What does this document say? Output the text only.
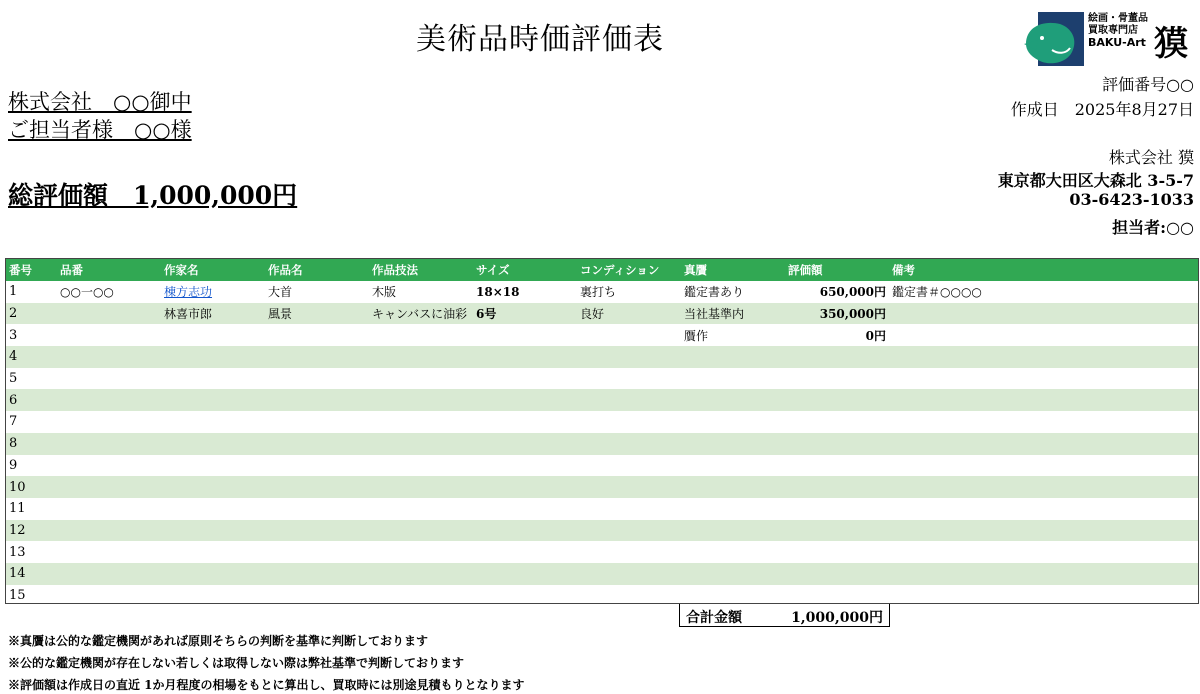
美術品時価評価表
絵画・骨董品
買取専門店
BAKU-Art 獏
株式会社　○○御中
ご担当者様　○○様
総評価額　1,000,000円
評価番号○○
作成日　2025年8月27日
株式会社 獏
東京都大田区大森北 3-5-7
03-6423-1033
担当者:○○
番号	品番	作家名	作品名	作品技法	サイズ	コンディション	真贋	評価額	備考
1	○○一○○	棟方志功	大首	木版	18×18	裏打ち	鑑定書あり	650,000円	鑑定書＃○○○○
2		林喜市郎	風景	キャンバスに油彩	6号	良好	当社基準内	350,000円	
3							贋作	0円	
4									
5									
6									
7									
8									
9									
10									
11									
12									
13									
14									
15									
合計金額	1,000,000円
※真贋は公的な鑑定機関があれば原則そちらの判断を基準に判断しております
※公的な鑑定機関が存在しない若しくは取得しない際は弊社基準で判断しております
※評価額は作成日の直近 1か月程度の相場をもとに算出し、買取時には別途見積もりとなります
